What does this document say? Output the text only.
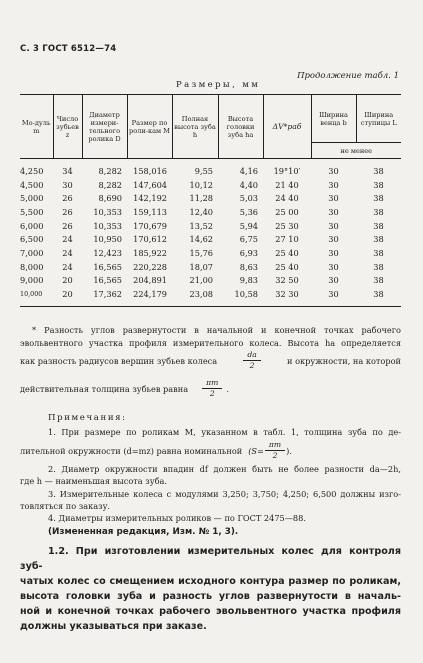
С. 3 ГОСТ 6512—74
Продолжение табл. 1
Размеры, мм
Мо-дуль m	Число зубьев z	Диаметр измери-тельного ролика D	Размер по роли-кам M	Полная высота зуба h	Высота головки зуба ha	ΔV*раб	Ширина венца b	Ширина ступицы L
							не менее	
4,250	34	8,282	158,016	9,55	4,16	19°10′	30	38
4,500	30	8,282	147,604	10,12	4,40	21 40	30	38
5,000	26	8,690	142,192	11,28	5,03	24 40	30	38
5,500	26	10,353	159,113	12,40	5,36	25 00	30	38
6,000	26	10,353	170,679	13,52	5,94	25 30	30	38
6,500	24	10,950	170,612	14,62	6,75	27 10	30	38
7,000	24	12,423	185,922	15,76	6,93	25 40	30	38
8,000	24	16,565	220,228	18,07	8,63	25 40	30	38
9,000	20	16,565	204,891	21,00	9,83	32 50	30	38
10,000	20	17,362	224,179	23,08	10,58	32 30	30	38
* Разность углов развернутости в начальной и конечной точках рабочего
эвольвентного участка профиля измерительного колеса. Высота ha определяется
как разность радиусов вершин зубьев колеса	$\frac{da}{2}$	и окружности, на которой
действительная толщина зубьев равна $\frac{\pi m}{2}$ .
Примечания:
1. При размере по роликам M, указанном в табл. 1, толщина зуба по де-
лительной окружности (d=mz) равна номинальной ($S= \frac{\pi m}{2}$ ).
2. Диаметр окружности впадин df должен быть не более разности da—2h,
где h — наименьшая высота зуба.
3. Измерительные колеса с модулями 3,250; 3,750; 4,250; 6,500 должны изго-
товляться по заказу.
4. Диаметры измерительных роликов — по ГОСТ 2475—88.
(Измененная редакция, Изм. № 1, 3).
1.2. При изготовлении измерительных колес для контроля зуб-
чатых колес со смещением исходного контура размер по роликам,
высота головки зуба и разность углов развернутости в началь-
ной и конечной точках рабочего эвольвентного участка профиля
должны указываться при заказе.
